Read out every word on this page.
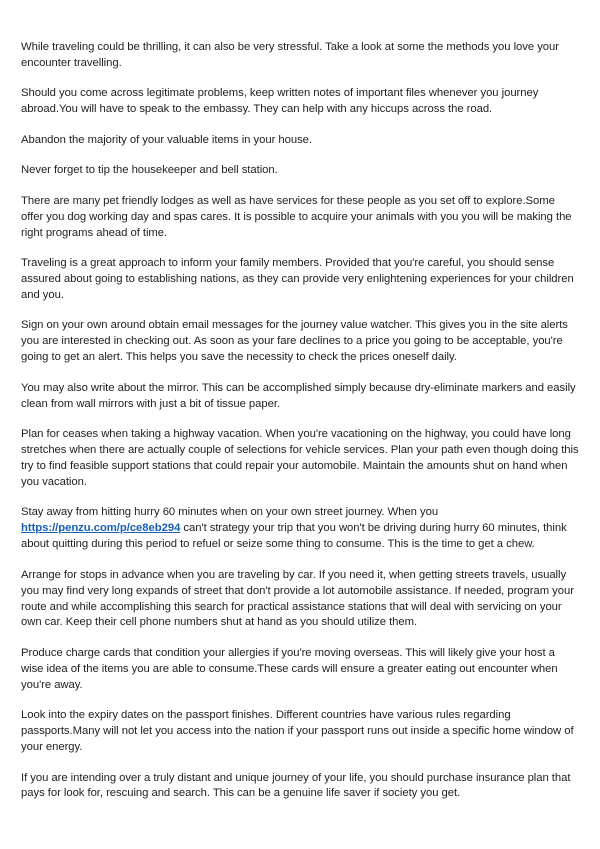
While traveling could be thrilling, it can also be very stressful. Take a look at some the methods you love your encounter travelling.

Should you come across legitimate problems, keep written notes of important files whenever you journey abroad.You will have to speak to the embassy. They can help with any hiccups across the road.

Abandon the majority of your valuable items in your house.

Never forget to tip the housekeeper and bell station.

There are many pet friendly lodges as well as have services for these people as you set off to explore.Some offer you dog working day and spas cares. It is possible to acquire your animals with you you will be making the right programs ahead of time.

Traveling is a great approach to inform your family members. Provided that you're careful, you should sense assured about going to establishing nations, as they can provide very enlightening experiences for your children and you.

Sign on your own around obtain email messages for the journey value watcher. This gives you in the site alerts you are interested in checking out. As soon as your fare declines to a price you going to be acceptable, you're going to get an alert. This helps you save the necessity to check the prices oneself daily.

You may also write about the mirror. This can be accomplished simply because dry-eliminate markers and easily clean from wall mirrors with just a bit of tissue paper.

Plan for ceases when taking a highway vacation. When you're vacationing on the highway, you could have long stretches when there are actually couple of selections for vehicle services. Plan your path even though doing this try to find feasible support stations that could repair your automobile. Maintain the amounts shut on hand when you vacation.

Stay away from hitting hurry 60 minutes when on your own street journey. When you https://penzu.com/p/ce8eb294 can't strategy your trip that you won't be driving during hurry 60 minutes, think about quitting during this period to refuel or seize some thing to consume. This is the time to get a chew.

Arrange for stops in advance when you are traveling by car. If you need it, when getting streets travels, usually you may find very long expands of street that don't provide a lot automobile assistance. If needed, program your route and while accomplishing this search for practical assistance stations that will deal with servicing on your own car. Keep their cell phone numbers shut at hand as you should utilize them.

Produce charge cards that condition your allergies if you're moving overseas. This will likely give your host a wise idea of the items you are able to consume.These cards will ensure a greater eating out encounter when you're away.

Look into the expiry dates on the passport finishes. Different countries have various rules regarding passports.Many will not let you access into the nation if your passport runs out inside a specific home window of your energy.

If you are intending over a truly distant and unique journey of your life, you should purchase insurance plan that pays for look for, rescuing and search. This can be a genuine life saver if society you get.
